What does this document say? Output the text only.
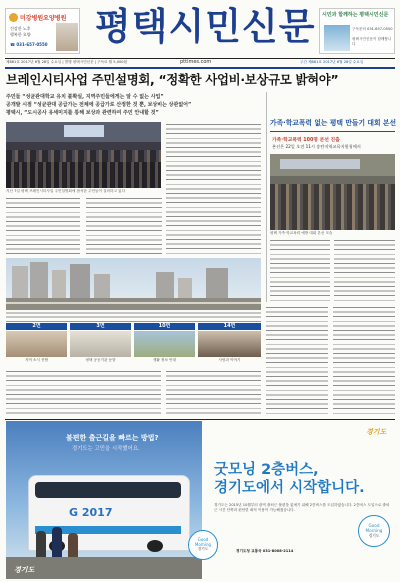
미강병원요양병원
건강한 노후
행복한 요양
☎ 031-657-0550 평택시민신문 시민과 함께하는 평택시민신문
구독문의 031-657-0550
평택시민신문이 함께합니다
제861호 2017년 6월 28일 수요일 | 발행 평택시민신문 | 구독료 월 5,000원	pttimes.com	주간 제861호 2017년 6월 28일 수요일
브레인시티사업 주민설명회, “정확한 사업비·보상규모 밝혀야”
주민들 “성균관대학교 유치 불확실, 지역주민들에게는 알 수 없는 사업”
공개발 시점 “성균관대 공급가는 전체에 공급가로 산정한 것 뿐, 보상비는 상관없어”
평택시, “도시공사 유세미지를 통해 보상과 관련하여 주민 안내할 것”
지난 7일 평택 브레인시티사업 주민설명회에 참석한 주민들이 질의하고 있다
가족·학교폭력 없는 평택 만들기 대회 본선
가족·학교폭력 100명 본선 진출
본선은 22일 오전 11시 송탄지역교육지원청에서
평택 가족·학교폭력 예방 대회 본선 모습
2면
지역 소식 종합
3면
평택 공공기관 동향
10면
생활 정보 안내
14면
사람과 이야기
불편한 출근길을 빠르는 방법?
경기도는 고민을 시작했어요.
G 2017
경기도
Good
Morning
경기도
경기도
굿모닝 2층버스,
경기도에서 시작합니다.
경기도는 2015년 10월부터 광역 출퇴근 불편을 없애기 위해 2층버스를 도입하였습니다. 2층버스 도입으로 출퇴근 시간 단축과 편안한 좌석 이용이 가능해졌습니다.
경기도청 교통국 031-8008-2114
Good
Morning
경기도
